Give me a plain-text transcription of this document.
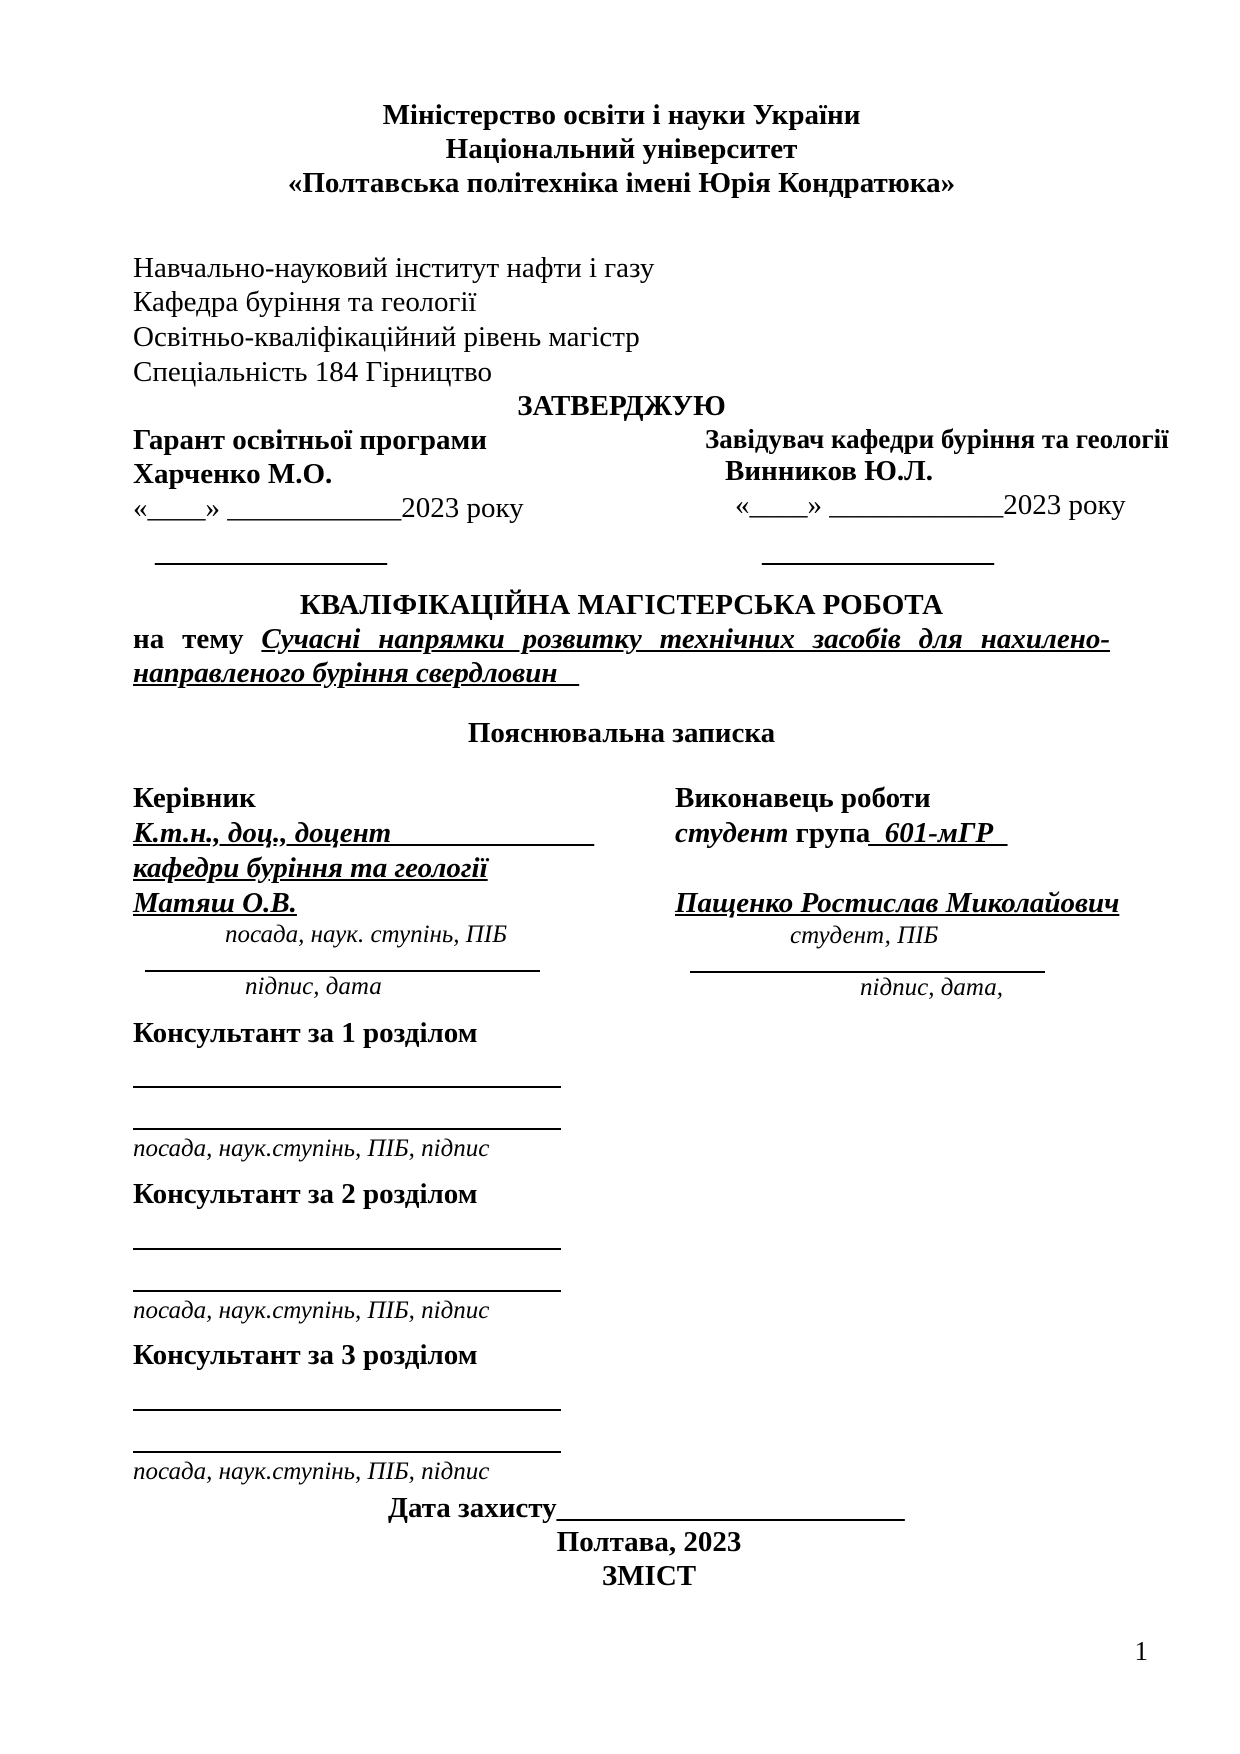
Міністерство освіти і науки України
Національний університет
«Полтавська політехніка імені Юрія Кондратюка»
Навчально-науковий інститут нафти і газу
Кафедра буріння та геології
Освітньо-кваліфікаційний рівень магістр
Спеціальність 184 Гірництво
ЗАТВЕРДЖУЮ
Гарант освітньої програми
Харченко М.О.
«____» ____________2023 року
Завідувач кафедри буріння та геології
Винников Ю.Л.
«____» ____________2023 року
________________	________________
КВАЛІФІКАЦІЙНА МАГІСТЕРСЬКА РОБОТА
на тему Сучасні напрямки розвитку технічних засобів для нахилено-
направленого буріння свердловин _
Пояснювальна записка
Керівник
К.т.н., доц., доцент______________
кафедри буріння та геології
Матяш О.В.
посада, наук. ступінь, ПІБ
підпис, дата
Виконавець роботи
студент група_601-мГР_
Пащенко Ростислав Миколайович
студент, ПІБ
підпис, дата,
Консультант за 1 розділом
посада, наук.ступінь, ПІБ, підпис
Консультант за 2 розділом
посада, наук.ступінь, ПІБ, підпис
Консультант за 3 розділом
посада, наук.ступінь, ПІБ, підпис
Дата захисту________________________
Полтава, 2023
ЗМІСТ
1
